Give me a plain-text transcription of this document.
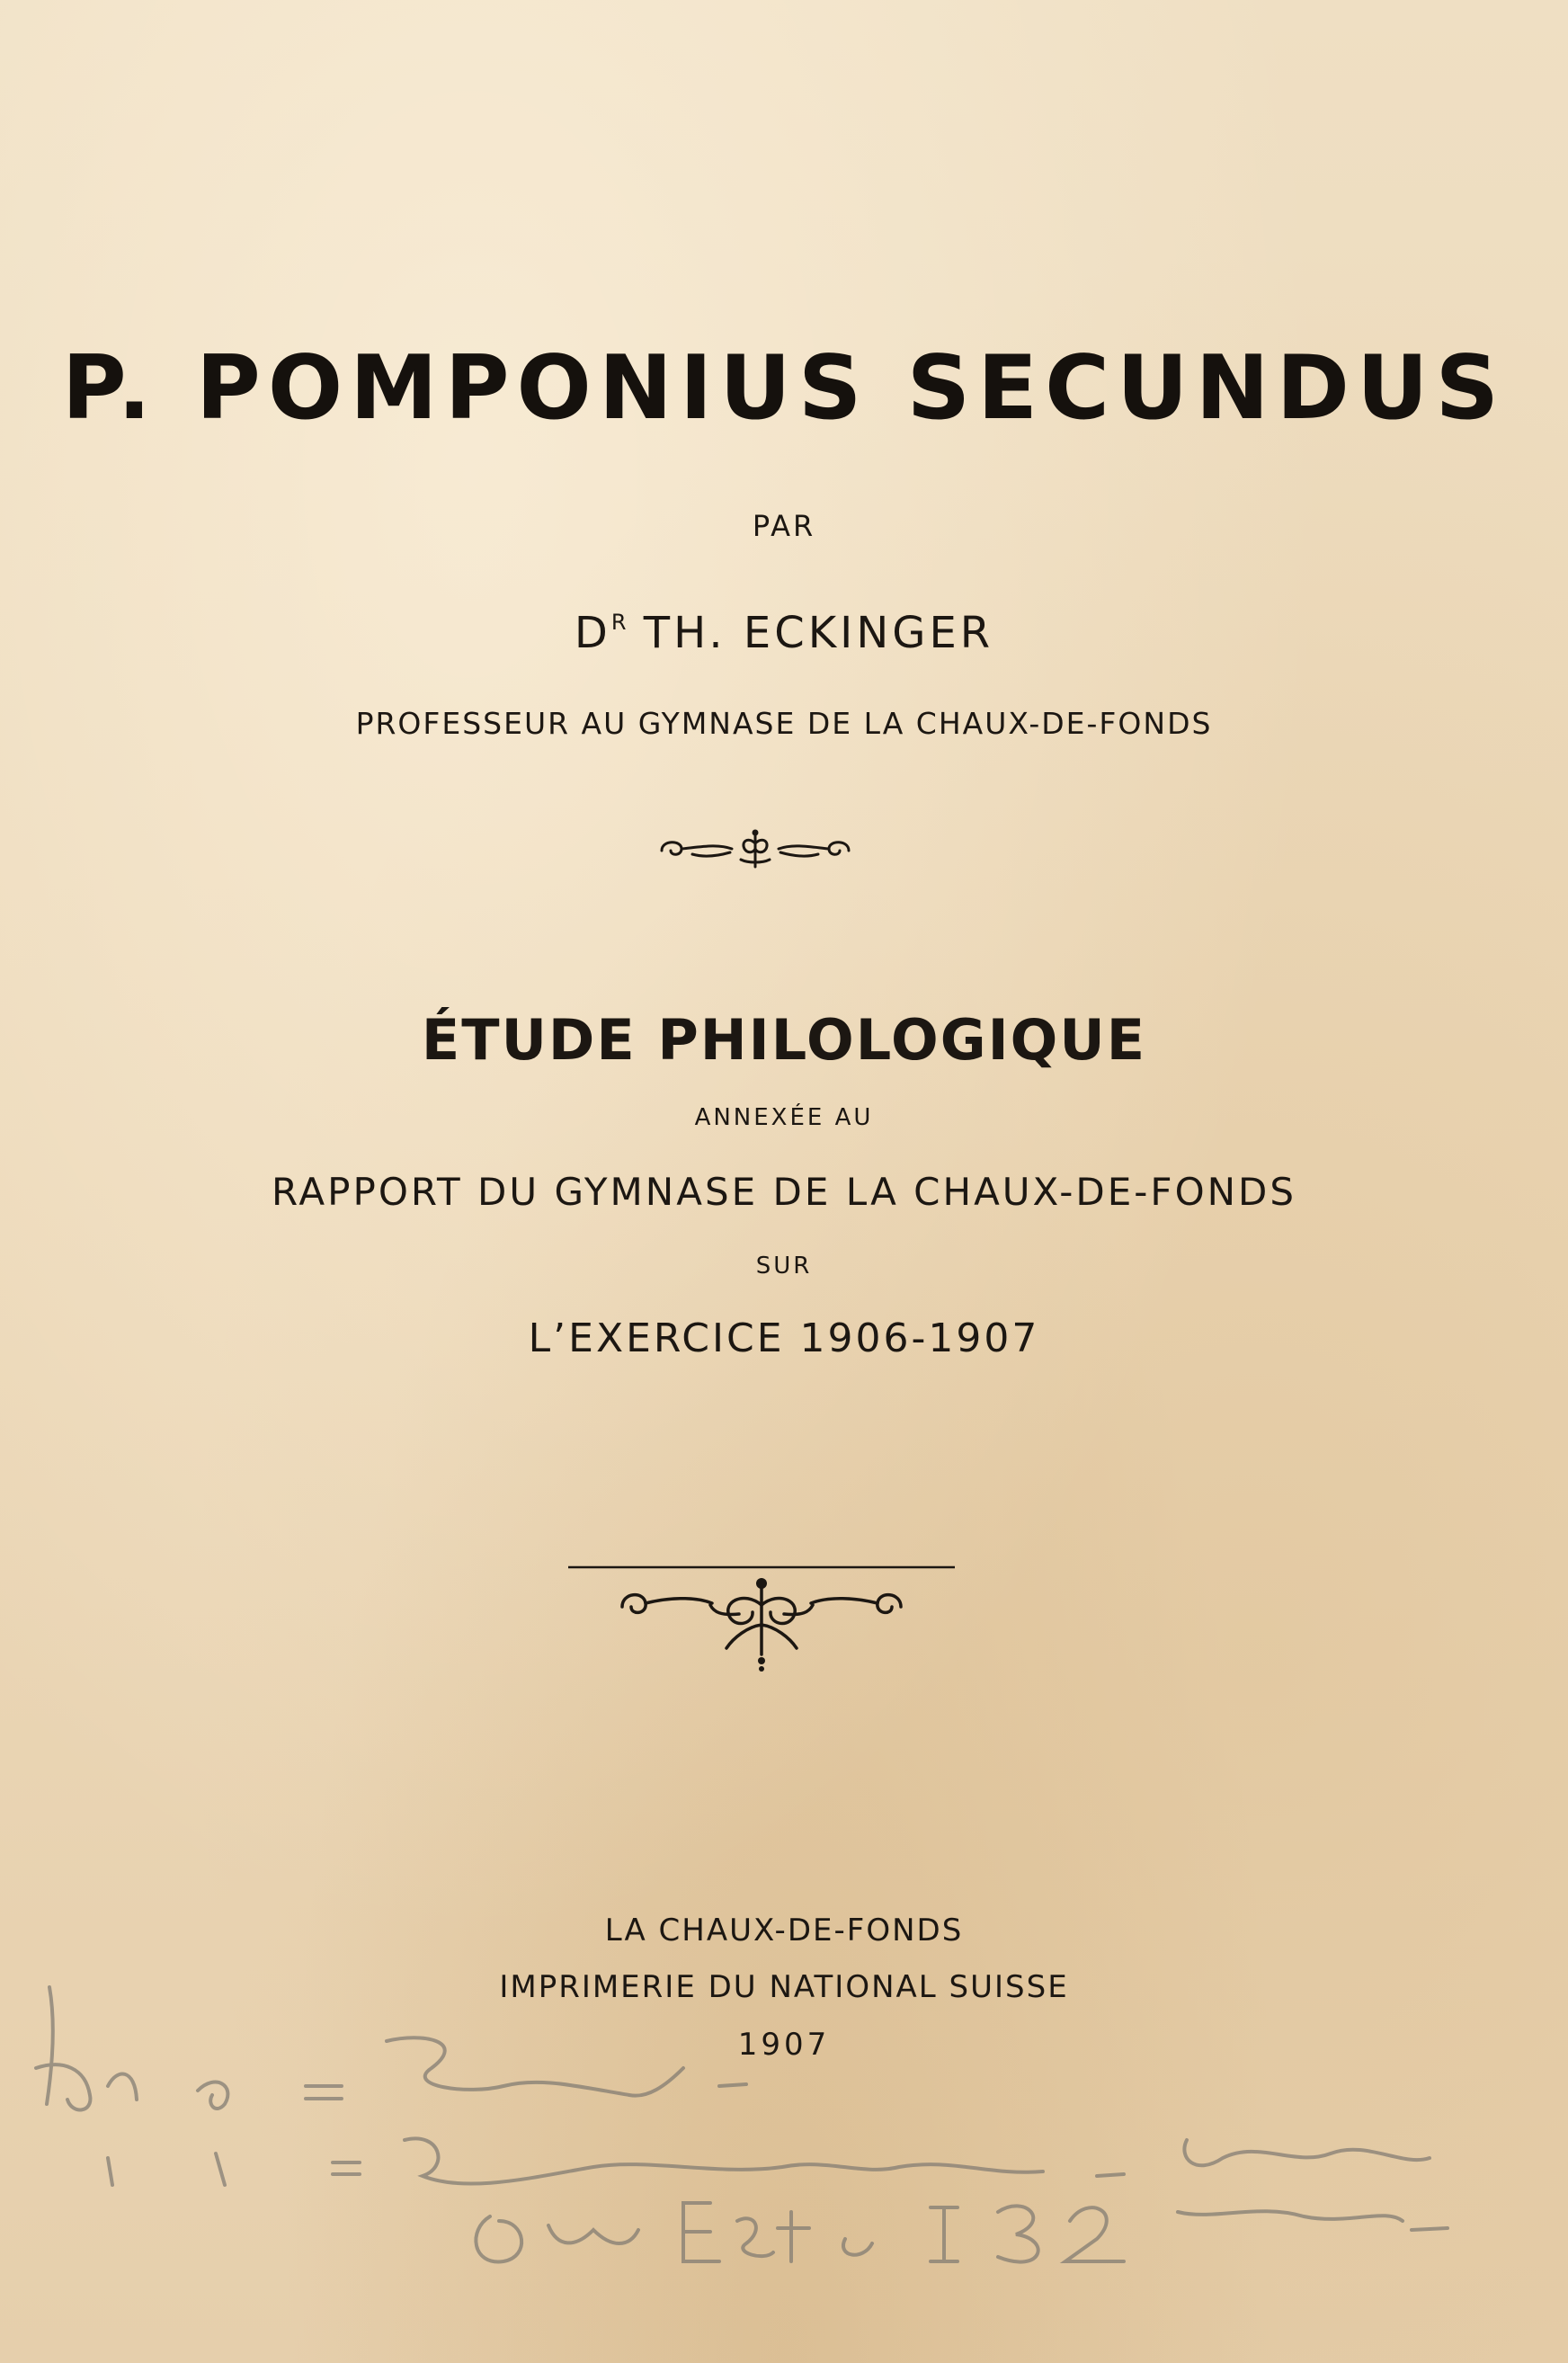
P. POMPONIUS SECUNDUS
PAR
$D^R$ TH. ECKINGER
PROFESSEUR AU GYMNASE DE LA CHAUX-DE-FONDS
ÉTUDE PHILOLOGIQUE
ANNEXÉE AU
RAPPORT DU GYMNASE DE LA CHAUX-DE-FONDS
SUR
L’EXERCICE 1906-1907
LA CHAUX-DE-FONDS
IMPRIMERIE DU NATIONAL SUISSE
1907
